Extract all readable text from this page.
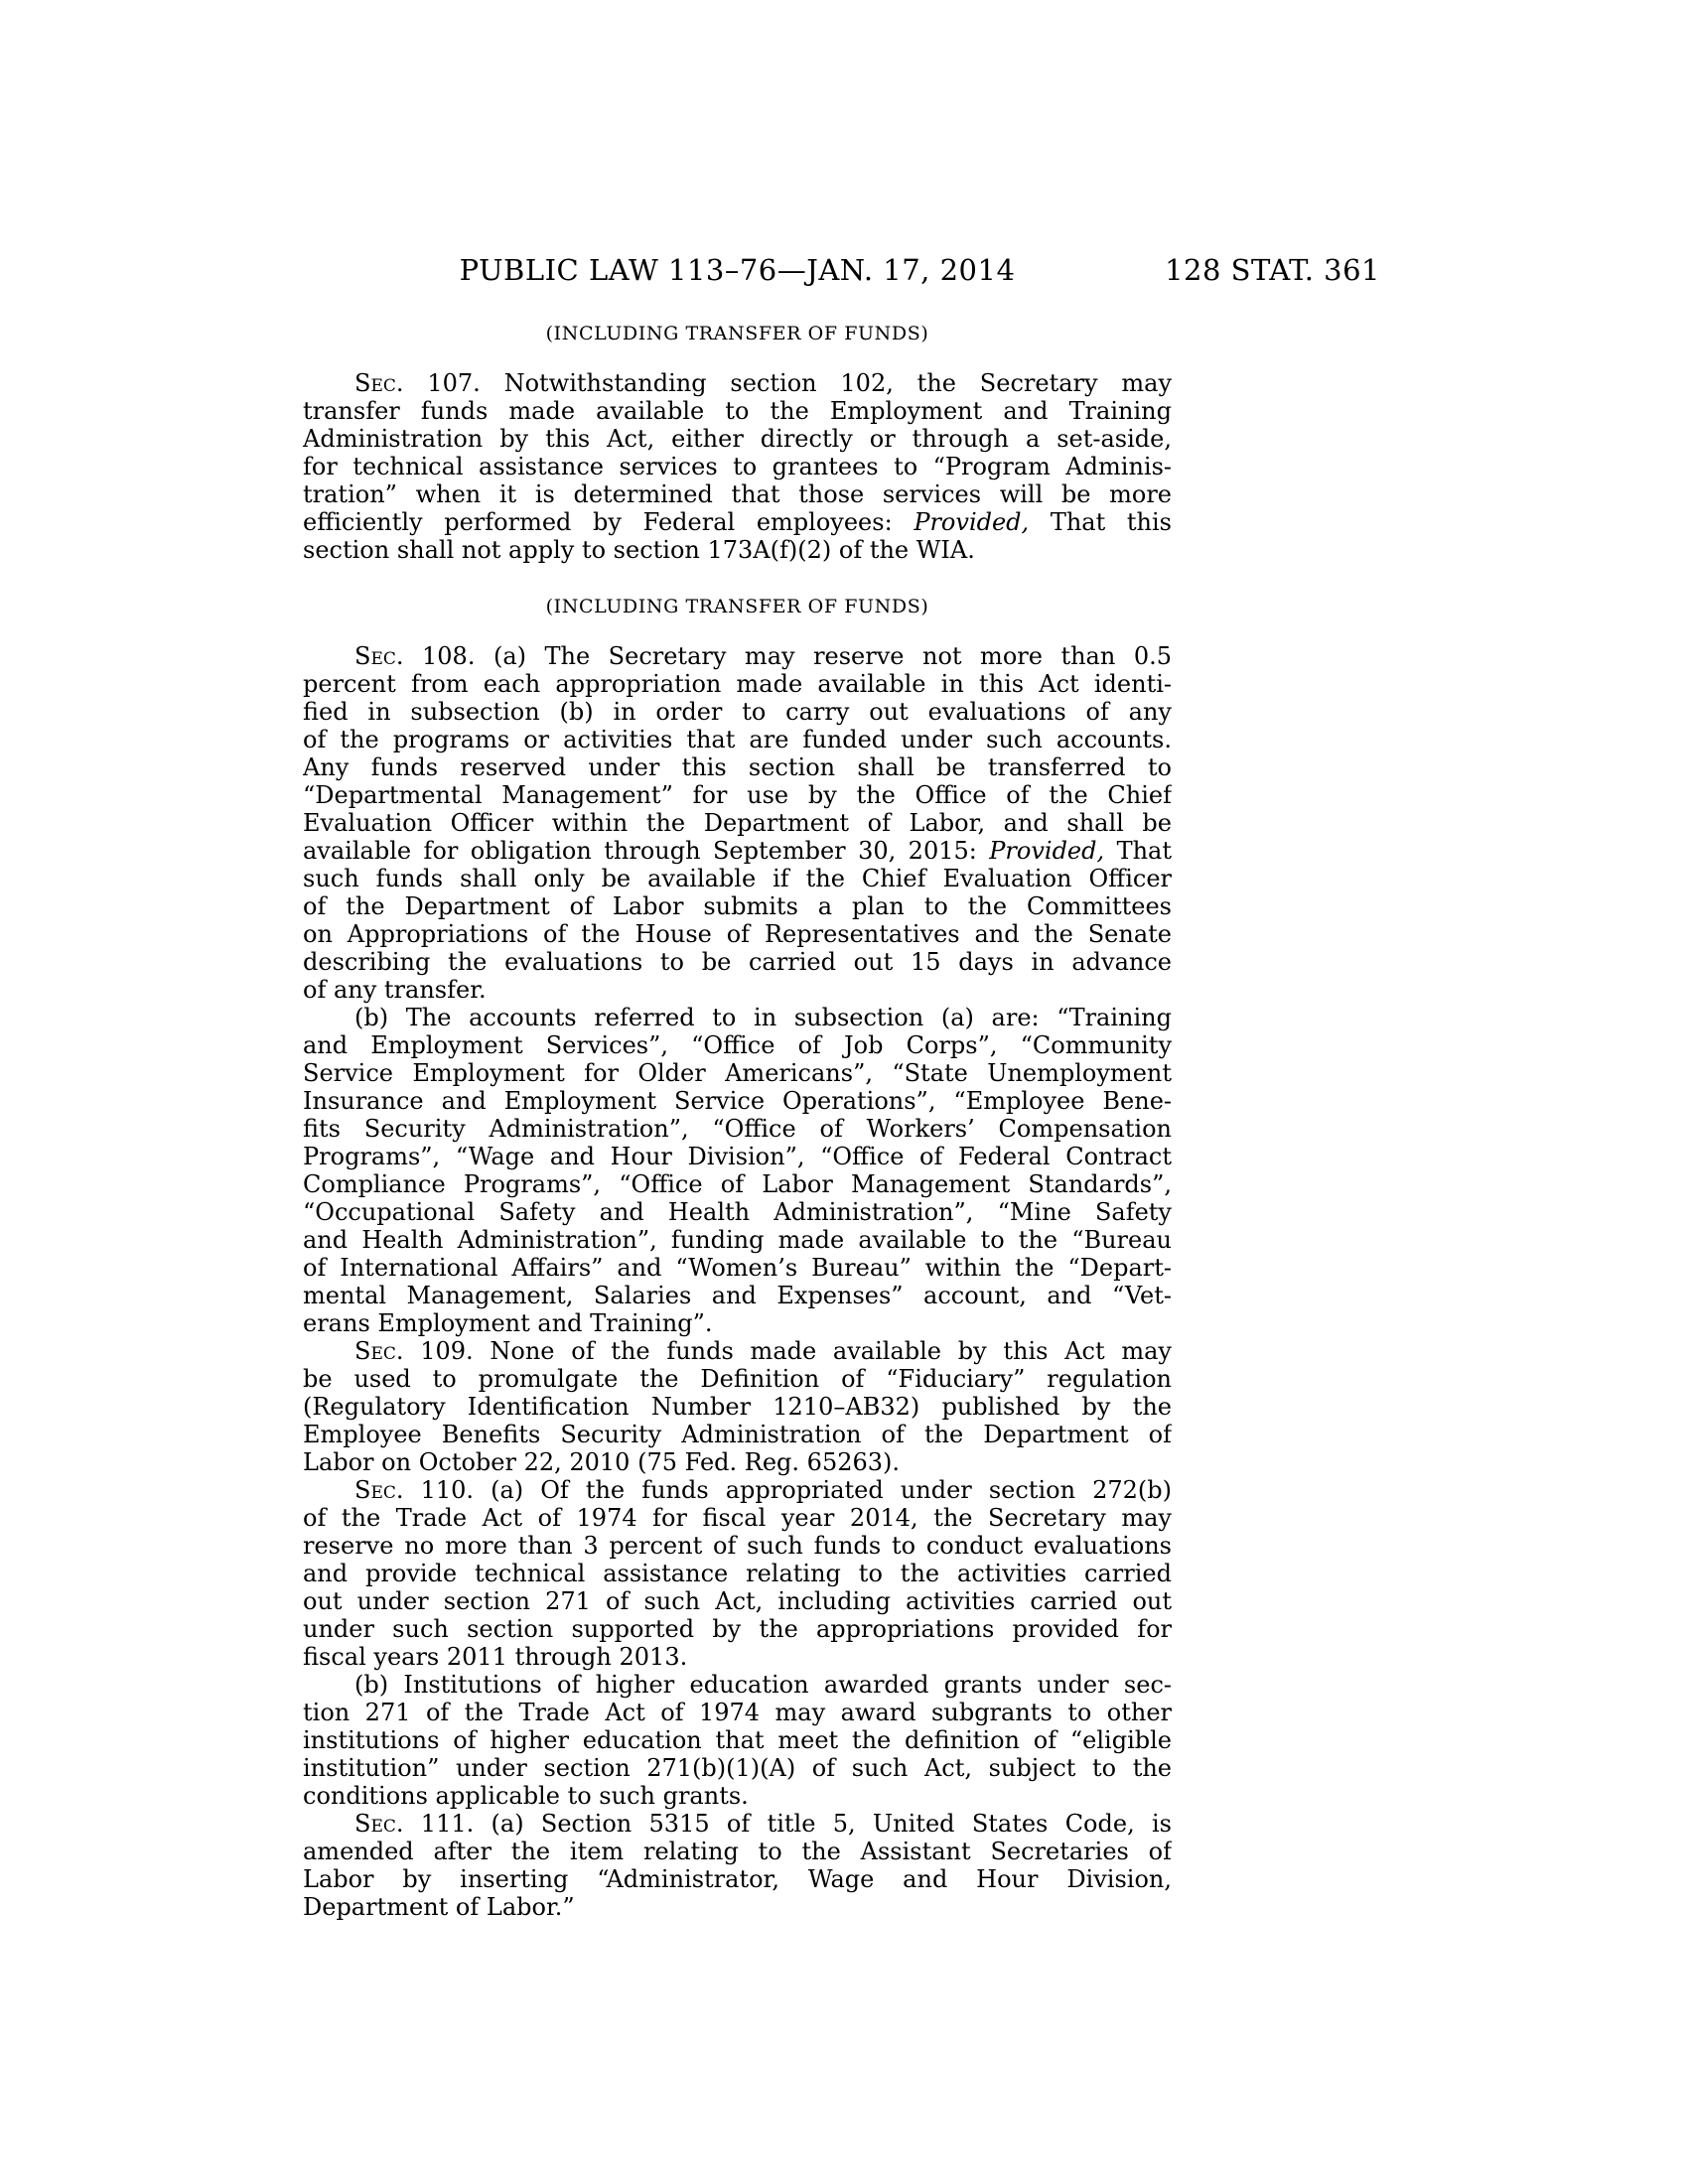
PUBLIC LAW 113–76—JAN. 17, 2014	128 STAT. 361
(INCLUDING TRANSFER OF FUNDS)
Sec. 107. Notwithstanding section 102, the Secretary may
transfer funds made available to the Employment and Training
Administration by this Act, either directly or through a set-aside,
for technical assistance services to grantees to “Program Adminis-
tration” when it is determined that those services will be more
efficiently performed by Federal employees: Provided, That this
section shall not apply to section 173A(f)(2) of the WIA.
(INCLUDING TRANSFER OF FUNDS)
Sec. 108. (a) The Secretary may reserve not more than 0.5
percent from each appropriation made available in this Act identi-
fied in subsection (b) in order to carry out evaluations of any
of the programs or activities that are funded under such accounts.
Any funds reserved under this section shall be transferred to
“Departmental Management” for use by the Office of the Chief
Evaluation Officer within the Department of Labor, and shall be
available for obligation through September 30, 2015: Provided, That
such funds shall only be available if the Chief Evaluation Officer
of the Department of Labor submits a plan to the Committees
on Appropriations of the House of Representatives and the Senate
describing the evaluations to be carried out 15 days in advance
of any transfer.
(b) The accounts referred to in subsection (a) are: “Training
and Employment Services”, “Office of Job Corps”, “Community
Service Employment for Older Americans”, “State Unemployment
Insurance and Employment Service Operations”, “Employee Bene-
fits Security Administration”, “Office of Workers’ Compensation
Programs”, “Wage and Hour Division”, “Office of Federal Contract
Compliance Programs”, “Office of Labor Management Standards”,
“Occupational Safety and Health Administration”, “Mine Safety
and Health Administration”, funding made available to the “Bureau
of International Affairs” and “Women’s Bureau” within the “Depart-
mental Management, Salaries and Expenses” account, and “Vet-
erans Employment and Training”.
Sec. 109. None of the funds made available by this Act may
be used to promulgate the Definition of “Fiduciary” regulation
(Regulatory Identification Number 1210–AB32) published by the
Employee Benefits Security Administration of the Department of
Labor on October 22, 2010 (75 Fed. Reg. 65263).
Sec. 110. (a) Of the funds appropriated under section 272(b)
of the Trade Act of 1974 for fiscal year 2014, the Secretary may
reserve no more than 3 percent of such funds to conduct evaluations
and provide technical assistance relating to the activities carried
out under section 271 of such Act, including activities carried out
under such section supported by the appropriations provided for
fiscal years 2011 through 2013.
(b) Institutions of higher education awarded grants under sec-
tion 271 of the Trade Act of 1974 may award subgrants to other
institutions of higher education that meet the definition of “eligible
institution” under section 271(b)(1)(A) of such Act, subject to the
conditions applicable to such grants.
Sec. 111. (a) Section 5315 of title 5, United States Code, is
amended after the item relating to the Assistant Secretaries of
Labor by inserting “Administrator, Wage and Hour Division,
Department of Labor.”
